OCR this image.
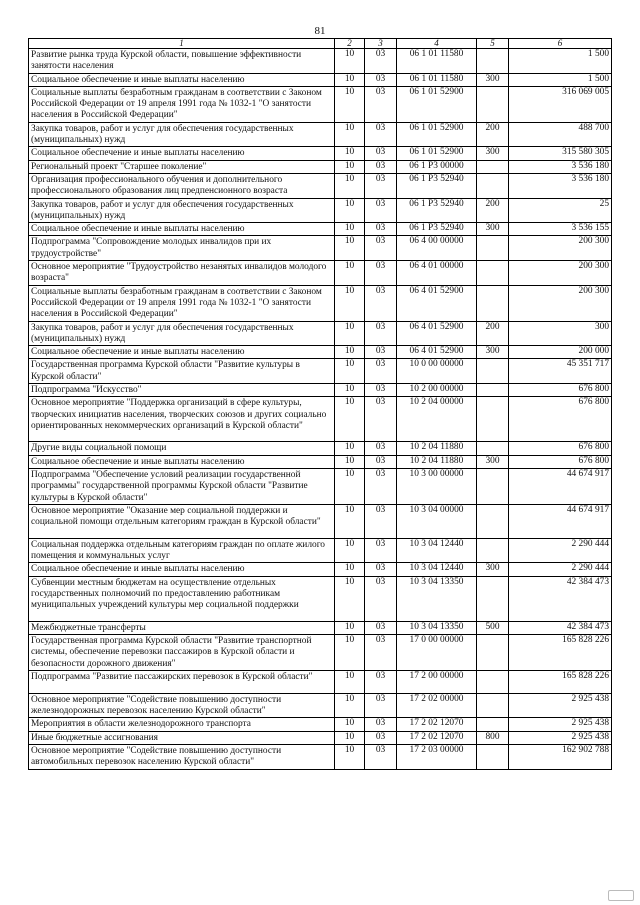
81
1	2	3	4	5	6
Развитие рынка труда Курской области, повышение эффективности занятости населения	10	03	06 1 01 11580		1 500
Социальное обеспечение и иные выплаты населению	10	03	06 1 01 11580	300	1 500
Социальные выплаты безработным гражданам в соответствии с Законом Российской Федерации от 19 апреля 1991 года № 1032-1 "О занятости населения в Российской Федерации"	10	03	06 1 01 52900		316 069 005
Закупка товаров, работ и услуг для обеспечения государственных (муниципальных) нужд	10	03	06 1 01 52900	200	488 700
Социальное обеспечение и иные выплаты населению	10	03	06 1 01 52900	300	315 580 305
Региональный проект "Старшее поколение"	10	03	06 1 P3 00000		3 536 180
Организация профессионального обучения и дополнительного профессионального образования лиц предпенсионного возраста	10	03	06 1 P3 52940		3 536 180
Закупка товаров, работ и услуг для обеспечения государственных (муниципальных) нужд	10	03	06 1 P3 52940	200	25
Социальное обеспечение и иные выплаты населению	10	03	06 1 P3 52940	300	3 536 155
Подпрограмма "Сопровождение молодых инвалидов при их трудоустройстве"	10	03	06 4 00 00000		200 300
Основное мероприятие "Трудоустройство незанятых инвалидов молодого возраста"	10	03	06 4 01 00000		200 300
Социальные выплаты безработным гражданам в соответствии с Законом Российской Федерации от 19 апреля 1991 года № 1032-1 "О занятости населения в Российской Федерации"	10	03	06 4 01 52900		200 300
Закупка товаров, работ и услуг для обеспечения государственных (муниципальных) нужд	10	03	06 4 01 52900	200	300
Социальное обеспечение и иные выплаты населению	10	03	06 4 01 52900	300	200 000
Государственная программа Курской области "Развитие культуры в Курской области"	10	03	10 0 00 00000		45 351 717
Подпрограмма "Искусство"	10	03	10 2 00 00000		676 800
Основное мероприятие "Поддержка организаций в сфере культуры, творческих инициатив населения, творческих союзов и других социально ориентированных некоммерческих организаций в Курской области"	10	03	10 2 04 00000		676 800
Другие виды социальной помощи	10	03	10 2 04 11880		676 800
Социальное обеспечение и иные выплаты населению	10	03	10 2 04 11880	300	676 800
Подпрограмма "Обеспечение условий реализации государственной программы" государственной программы Курской области "Развитие культуры в Курской области"	10	03	10 3 00 00000		44 674 917
Основное мероприятие "Оказание мер социальной поддержки и социальной помощи отдельным категориям граждан в Курской области"	10	03	10 3 04 00000		44 674 917
Социальная поддержка отдельным категориям граждан по оплате жилого помещения и коммунальных услуг	10	03	10 3 04 12440		2 290 444
Социальное обеспечение и иные выплаты населению	10	03	10 3 04 12440	300	2 290 444
Субвенции местным бюджетам на осуществление отдельных государственных полномочий по предоставлению работникам муниципальных учреждений культуры мер социальной поддержки	10	03	10 3 04 13350		42 384 473
Межбюджетные трансферты	10	03	10 3 04 13350	500	42 384 473
Государственная программа Курской области "Развитие транспортной системы, обеспечение перевозки пассажиров в Курской области и безопасности дорожного движения"	10	03	17 0 00 00000		165 828 226
Подпрограмма "Развитие пассажирских перевозок в Курской области"	10	03	17 2 00 00000		165 828 226
Основное мероприятие "Содействие повышению доступности железнодорожных перевозок населению Курской области"	10	03	17 2 02 00000		2 925 438
Мероприятия в области железнодорожного транспорта	10	03	17 2 02 12070		2 925 438
Иные бюджетные ассигнования	10	03	17 2 02 12070	800	2 925 438
Основное мероприятие "Содействие повышению доступности автомобильных перевозок населению Курской области"	10	03	17 2 03 00000		162 902 788
